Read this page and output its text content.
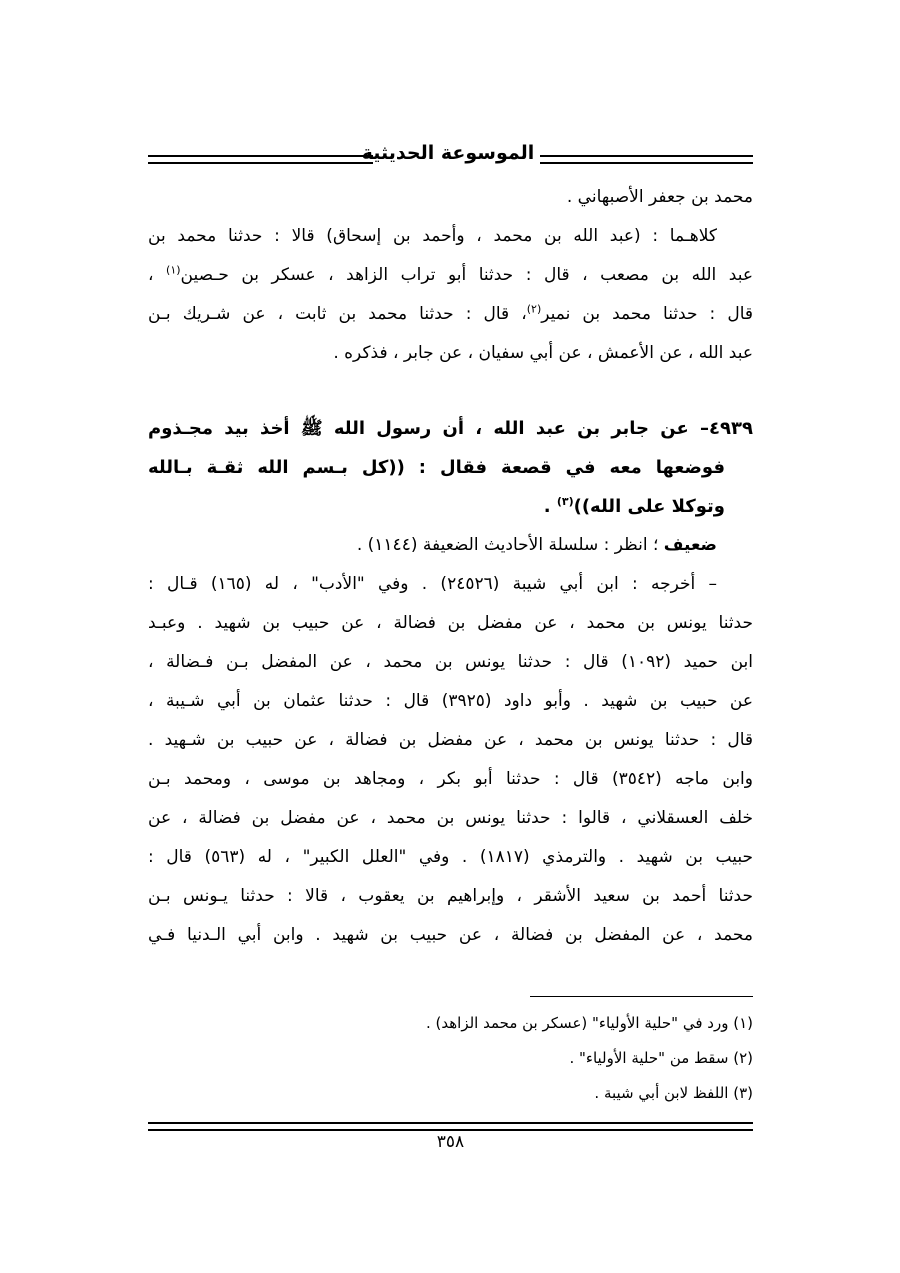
الموسوعة الحديثية
محمد بن جعفر الأصبهاني .
كلاهـما : (عبد الله بن محمد ، وأحمد بن إسحاق) قالا : حدثنا محمد بن
عبد الله بن مصعب ، قال : حدثنا أبو تراب الزاهد ، عسكر بن حـصين$^{(١)}$ ،
قال : حدثنا محمد بن نمير$^{(٢)}$، قال : حدثنا محمد بن ثابت ، عن شـريك بـن
عبد الله ، عن الأعمش ، عن أبي سفيان ، عن جابر ، فذكره .
٤٩٣٩– عن جابر بن عبد الله ، أن رسول الله ﷺ أخذ بيد مجـذوم
فوضعها معه في قصعة فقال : ((كل بـسم الله ثقـة بـالله
وتوكلا على الله))$^{(٣)}$ .
ضعيف ؛ انظر : سلسلة الأحاديث الضعيفة (١١٤٤) .
– أخرجه : ابن أبي شيبة (٢٤٥٢٦) . وفي "الأدب" ، له (١٦٥) قـال :
حدثنا يونس بن محمد ، عن مفضل بن فضالة ، عن حبيب بن شهيد . وعبـد
ابن حميد (١٠٩٢) قال : حدثنا يونس بن محمد ، عن المفضل بـن فـضالة ،
عن حبيب بن شهيد . وأبو داود (٣٩٢٥) قال : حدثنا عثمان بن أبي شـيبة ،
قال : حدثنا يونس بن محمد ، عن مفضل بن فضالة ، عن حبيب بن شـهيد .
وابن ماجه (٣٥٤٢) قال : حدثنا أبو بكر ، ومجاهد بن موسى ، ومحمد بـن
خلف العسقلاني ، قالوا : حدثنا يونس بن محمد ، عن مفضل بن فضالة ، عن
حبيب بن شهيد . والترمذي (١٨١٧) . وفي "العلل الكبير" ، له (٥٦٣) قال :
حدثنا أحمد بن سعيد الأشقر ، وإبراهيم بن يعقوب ، قالا : حدثنا يـونس بـن
محمد ، عن المفضل بن فضالة ، عن حبيب بن شهيد . وابن أبي الـدنيا فـي
(١) ورد في "حلية الأولياء" (عسكر بن محمد الزاهد) .
(٢) سقط من "حلية الأولياء" .
(٣) اللفظ لابن أبي شيبة .
٣٥٨
